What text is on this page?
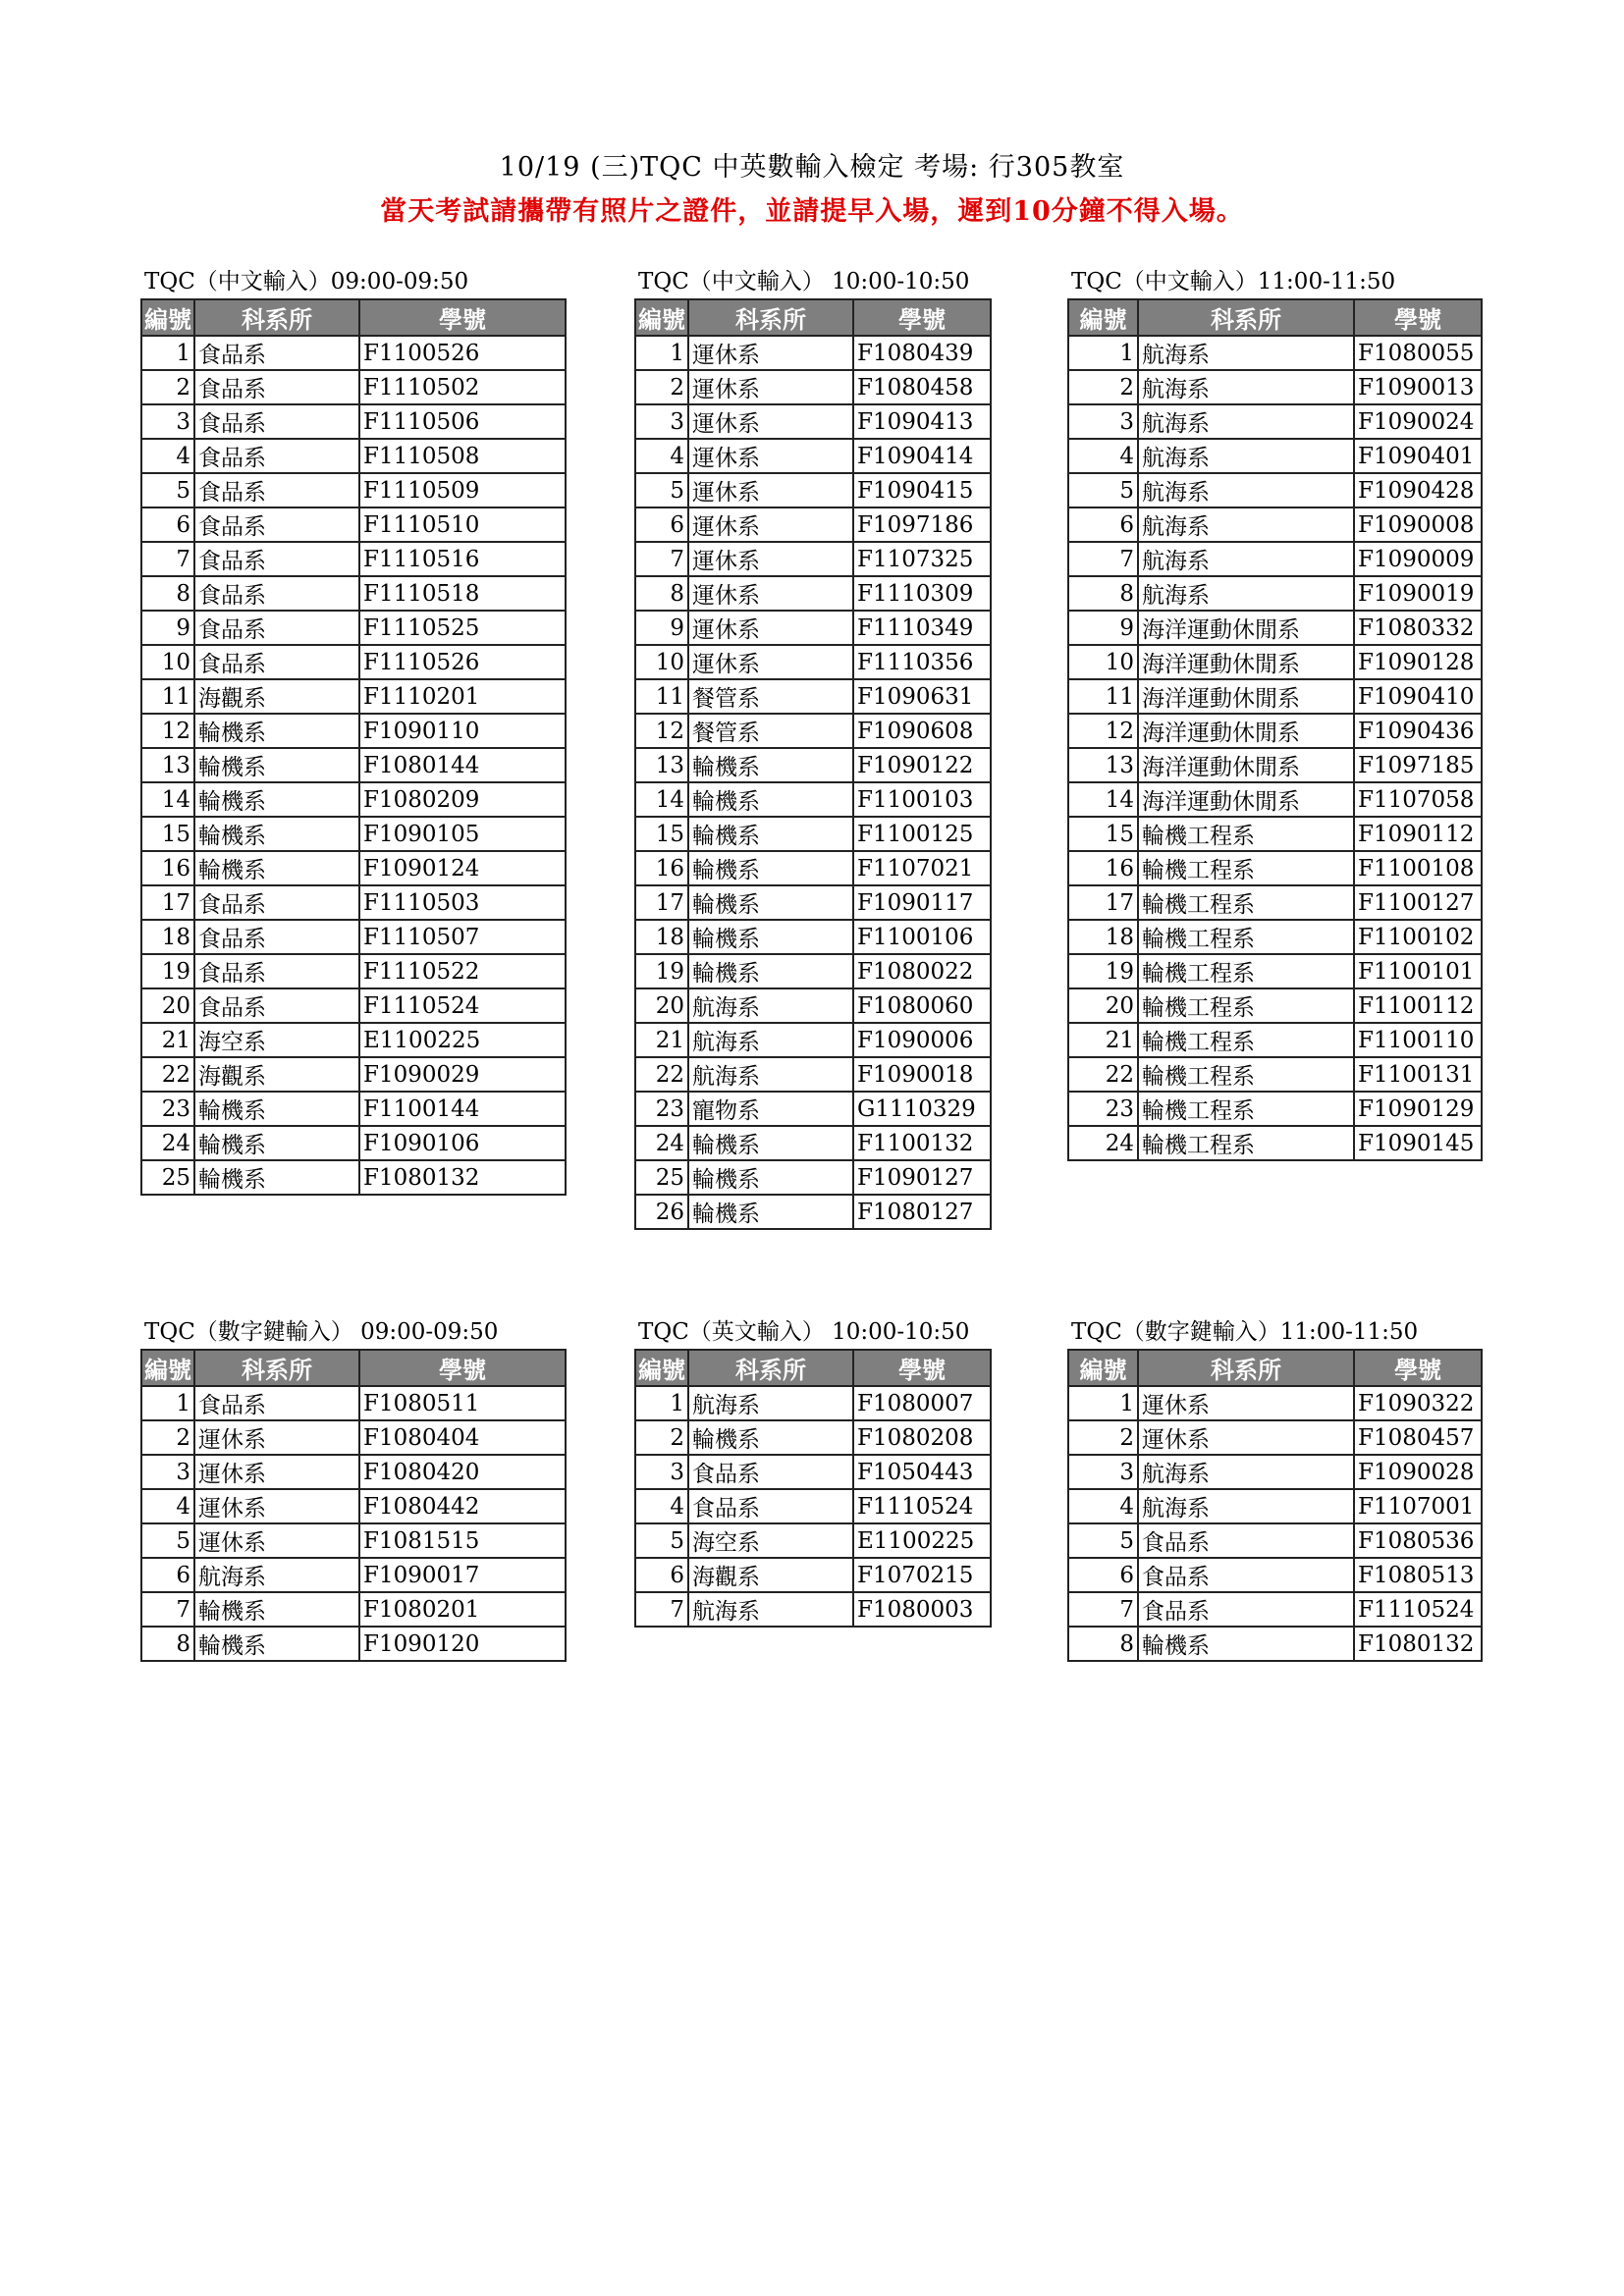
10/19 (三)TQC 中英數輸入檢定 考場: 行305教室
當天考試請攜帶有照片之證件，並請提早入場，遲到10分鐘不得入場。
TQC（中文輸入）09:00-09:50
編號	科系所	學號
1	食品系	F1100526
2	食品系	F1110502
3	食品系	F1110506
4	食品系	F1110508
5	食品系	F1110509
6	食品系	F1110510
7	食品系	F1110516
8	食品系	F1110518
9	食品系	F1110525
10	食品系	F1110526
11	海觀系	F1110201
12	輪機系	F1090110
13	輪機系	F1080144
14	輪機系	F1080209
15	輪機系	F1090105
16	輪機系	F1090124
17	食品系	F1110503
18	食品系	F1110507
19	食品系	F1110522
20	食品系	F1110524
21	海空系	E1100225
22	海觀系	F1090029
23	輪機系	F1100144
24	輪機系	F1090106
25	輪機系	F1080132
TQC（中文輸入） 10:00-10:50
編號	科系所	學號
1	運休系	F1080439
2	運休系	F1080458
3	運休系	F1090413
4	運休系	F1090414
5	運休系	F1090415
6	運休系	F1097186
7	運休系	F1107325
8	運休系	F1110309
9	運休系	F1110349
10	運休系	F1110356
11	餐管系	F1090631
12	餐管系	F1090608
13	輪機系	F1090122
14	輪機系	F1100103
15	輪機系	F1100125
16	輪機系	F1107021
17	輪機系	F1090117
18	輪機系	F1100106
19	輪機系	F1080022
20	航海系	F1080060
21	航海系	F1090006
22	航海系	F1090018
23	寵物系	G1110329
24	輪機系	F1100132
25	輪機系	F1090127
26	輪機系	F1080127
TQC（中文輸入）11:00-11:50
編號	科系所	學號
1	航海系	F1080055
2	航海系	F1090013
3	航海系	F1090024
4	航海系	F1090401
5	航海系	F1090428
6	航海系	F1090008
7	航海系	F1090009
8	航海系	F1090019
9	海洋運動休閒系	F1080332
10	海洋運動休閒系	F1090128
11	海洋運動休閒系	F1090410
12	海洋運動休閒系	F1090436
13	海洋運動休閒系	F1097185
14	海洋運動休閒系	F1107058
15	輪機工程系	F1090112
16	輪機工程系	F1100108
17	輪機工程系	F1100127
18	輪機工程系	F1100102
19	輪機工程系	F1100101
20	輪機工程系	F1100112
21	輪機工程系	F1100110
22	輪機工程系	F1100131
23	輪機工程系	F1090129
24	輪機工程系	F1090145
TQC（數字鍵輸入） 09:00-09:50
編號	科系所	學號
1	食品系	F1080511
2	運休系	F1080404
3	運休系	F1080420
4	運休系	F1080442
5	運休系	F1081515
6	航海系	F1090017
7	輪機系	F1080201
8	輪機系	F1090120
TQC（英文輸入） 10:00-10:50
編號	科系所	學號
1	航海系	F1080007
2	輪機系	F1080208
3	食品系	F1050443
4	食品系	F1110524
5	海空系	E1100225
6	海觀系	F1070215
7	航海系	F1080003
TQC（數字鍵輸入）11:00-11:50
編號	科系所	學號
1	運休系	F1090322
2	運休系	F1080457
3	航海系	F1090028
4	航海系	F1107001
5	食品系	F1080536
6	食品系	F1080513
7	食品系	F1110524
8	輪機系	F1080132
